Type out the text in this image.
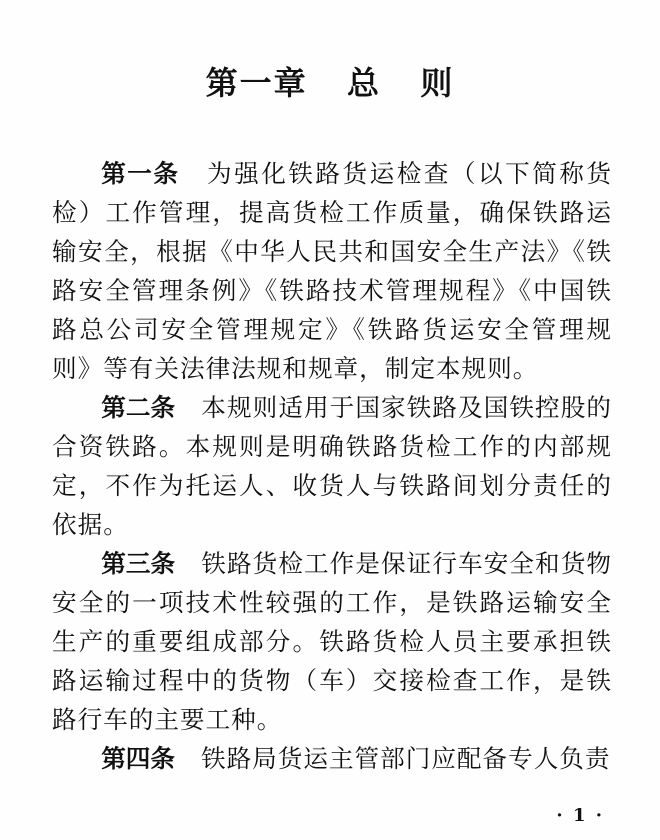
第一章   总   则

第一条 为强化铁路货运检查（以下简称货检）工作管理，提高货检工作质量，确保铁路运输安全，根据《中华人民共和国安全生产法》《铁路安全管理条例》《铁路技术管理规程》《中国铁路总公司安全管理规定》《铁路货运安全管理规则》等有关法律法规和规章，制定本规则。

第二条 本规则适用于国家铁路及国铁控股的合资铁路。本规则是明确铁路货检工作的内部规定，不作为托运人、收货人与铁路间划分责任的依据。

第三条 铁路货检工作是保证行车安全和货物安全的一项技术性较强的工作，是铁路运输安全生产的重要组成部分。铁路货检人员主要承担铁路运输过程中的货物（车）交接检查工作，是铁路行车的主要工种。

第四条 铁路局货运主管部门应配备专人负责

· 1 ·
